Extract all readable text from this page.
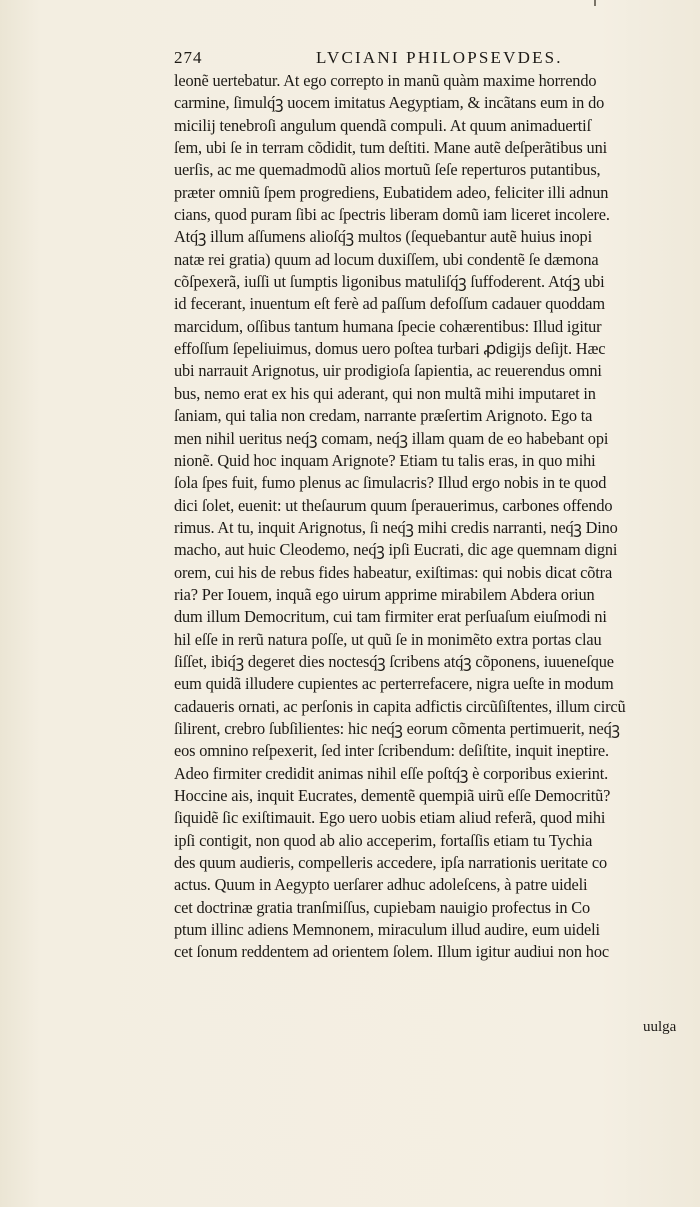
274	LVCIANI PHILOPSEVDES.
leonẽ uertebatur. At ego correpto in manũ quàm maxime horrendo
carmine, ſimulq́ꝫ uocem imitatus Aegyptiam, & incãtans eum in do
micilij tenebroſi angulum quendã compuli. At quum animaduertiſ
ſem, ubi ſe in terram cõdidit, tum deſtiti. Mane autẽ deſperãtibus uni
uerſis, ac me quemadmodũ alios mortuũ ſeſe reperturos putantibus,
præter omniũ ſpem progrediens, Eubatidem adeo, feliciter illi adnun
cians, quod puram ſibi ac ſpectris liberam domũ iam liceret incolere.
Atq́ꝫ illum aſſumens alioſq́ꝫ multos (ſequebantur autẽ huius inopi
natæ rei gratia) quum ad locum duxiſſem, ubi condentẽ ſe dæmona
cõſpexerã, iuſſi ut ſumptis ligonibus matuliſq́ꝫ ſuffoderent. Atq́ꝫ ubi
id fecerant, inuentum eſt ferè ad paſſum defoſſum cadauer quoddam
marcidum, oſſibus tantum humana ſpecie cohærentibus: Illud igitur
effoſſum ſepeliuimus, domus uero poſtea turbari ꝓdigijs deſijt. Hæc
ubi narrauit Arignotus, uir prodigioſa ſapientia, ac reuerendus omni
bus, nemo erat ex his qui aderant, qui non multã mihi imputaret in
ſaniam, qui talia non credam, narrante præſertim Arignoto. Ego ta
men nihil ueritus neq́ꝫ comam, neq́ꝫ illam quam de eo habebant opi
nionẽ. Quid hoc inquam Arignote? Etiam tu talis eras, in quo mihi
ſola ſpes fuit, fumo plenus ac ſimulacris? Illud ergo nobis in te quod
dici ſolet, euenit: ut theſaurum quum ſperauerimus, carbones offendo
rimus. At tu, inquit Arignotus, ſi neq́ꝫ mihi credis narranti, neq́ꝫ Dino
macho, aut huic Cleodemo, neq́ꝫ ipſi Eucrati, dic age quemnam digni
orem, cui his de rebus fides habeatur, exiſtimas: qui nobis dicat cõtra
ria? Per Iouem, inquã ego uirum apprime mirabilem Abdera oriun
dum illum Democritum, cui tam firmiter erat perſuaſum eiuſmodi ni
hil eſſe in rerũ natura poſſe, ut quũ ſe in monimẽto extra portas clau
ſiſſet, ibiq́ꝫ degeret dies noctesq́ꝫ ſcribens atq́ꝫ cõponens, iuueneſque
eum quidã illudere cupientes ac perterrefacere, nigra ueſte in modum
cadaueris ornati, ac perſonis in capita adfictis circũſiſtentes, illum circũ
ſilirent, crebro ſubſilientes: hic neq́ꝫ eorum cõmenta pertimuerit, neq́ꝫ
eos omnino reſpexerit, ſed inter ſcribendum: deſiſtite, inquit ineptire.
Adeo firmiter credidit animas nihil eſſe poſtq́ꝫ è corporibus exierint.
Hoccine ais, inquit Eucrates, dementẽ quempiã uirũ eſſe Democritũ?
ſiquidẽ ſic exiſtimauit. Ego uero uobis etiam aliud referã, quod mihi
ipſi contigit, non quod ab alio acceperim, fortaſſis etiam tu Tychia
des quum audieris, compelleris accedere, ipſa narrationis ueritate co
actus. Quum in Aegypto uerſarer adhuc adoleſcens, à patre uideli
cet doctrinæ gratia tranſmiſſus, cupiebam nauigio profectus in Co
ptum illinc adiens Memnonem, miraculum illud audire, eum uideli
cet ſonum reddentem ad orientem ſolem. Illum igitur audiui non hoc
uulga
